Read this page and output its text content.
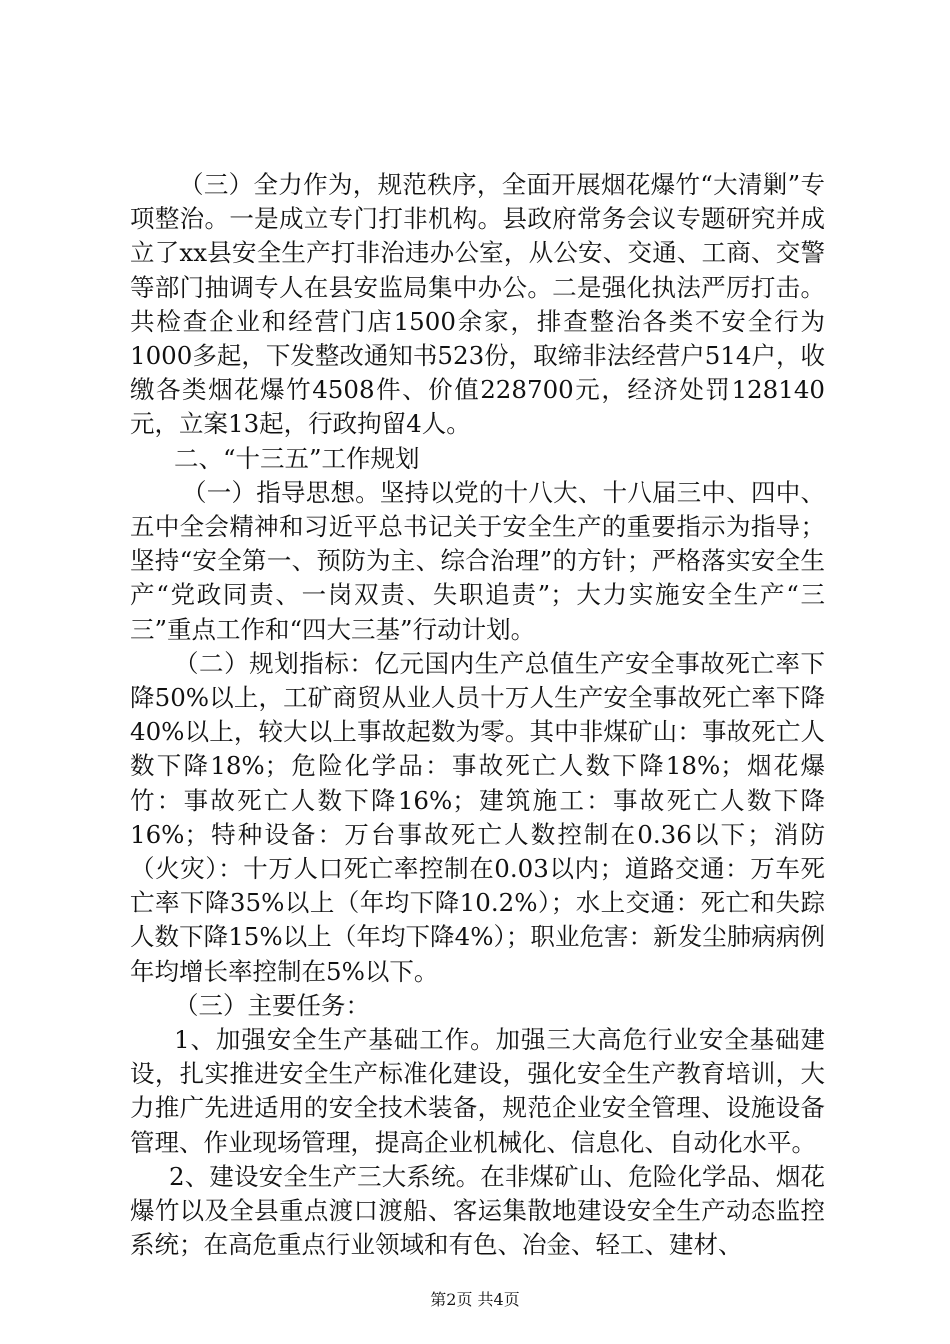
（三）全力作为，规范秩序，全面开展烟花爆竹“大清剿”专项整治。一是成立专门打非机构。县政府常务会议专题研究并成立了xx县安全生产打非治违办公室，从公安、交通、工商、交警等部门抽调专人在县安监局集中办公。二是强化执法严厉打击。共检查企业和经营门店1500余家，排查整治各类不安全行为1000多起，下发整改通知书523份，取缔非法经营户514户，收缴各类烟花爆竹4508件、价值228700元，经济处罚128140元，立案13起，行政拘留4人。

二、“十三五”工作规划

（一）指导思想。坚持以党的十八大、十八届三中、四中、五中全会精神和习近平总书记关于安全生产的重要指示为指导；坚持“安全第一、预防为主、综合治理”的方针；严格落实安全生产“党政同责、一岗双责、失职追责”；大力实施安全生产“三三”重点工作和“四大三基”行动计划。

（二）规划指标：亿元国内生产总值生产安全事故死亡率下降50%以上，工矿商贸从业人员十万人生产安全事故死亡率下降40%以上，较大以上事故起数为零。其中非煤矿山：事故死亡人数下降18%；危险化学品：事故死亡人数下降18%；烟花爆竹：事故死亡人数下降16%；建筑施工：事故死亡人数下降16%；特种设备：万台事故死亡人数控制在0.36以下；消防（火灾）：十万人口死亡率控制在0.03以内；道路交通：万车死亡率下降35%以上（年均下降10.2%）；水上交通：死亡和失踪人数下降15%以上（年均下降4%）；职业危害：新发尘肺病病例年均增长率控制在5%以下。

（三）主要任务：

1、加强安全生产基础工作。加强三大高危行业安全基础建设，扎实推进安全生产标准化建设，强化安全生产教育培训，大力推广先进适用的安全技术装备，规范企业安全管理、设施设备管理、作业现场管理，提高企业机械化、信息化、自动化水平。

2、建设安全生产三大系统。在非煤矿山、危险化学品、烟花爆竹以及全县重点渡口渡船、客运集散地建设安全生产动态监控系统；在高危重点行业领域和有色、冶金、轻工、建材、

第2页 共4页
